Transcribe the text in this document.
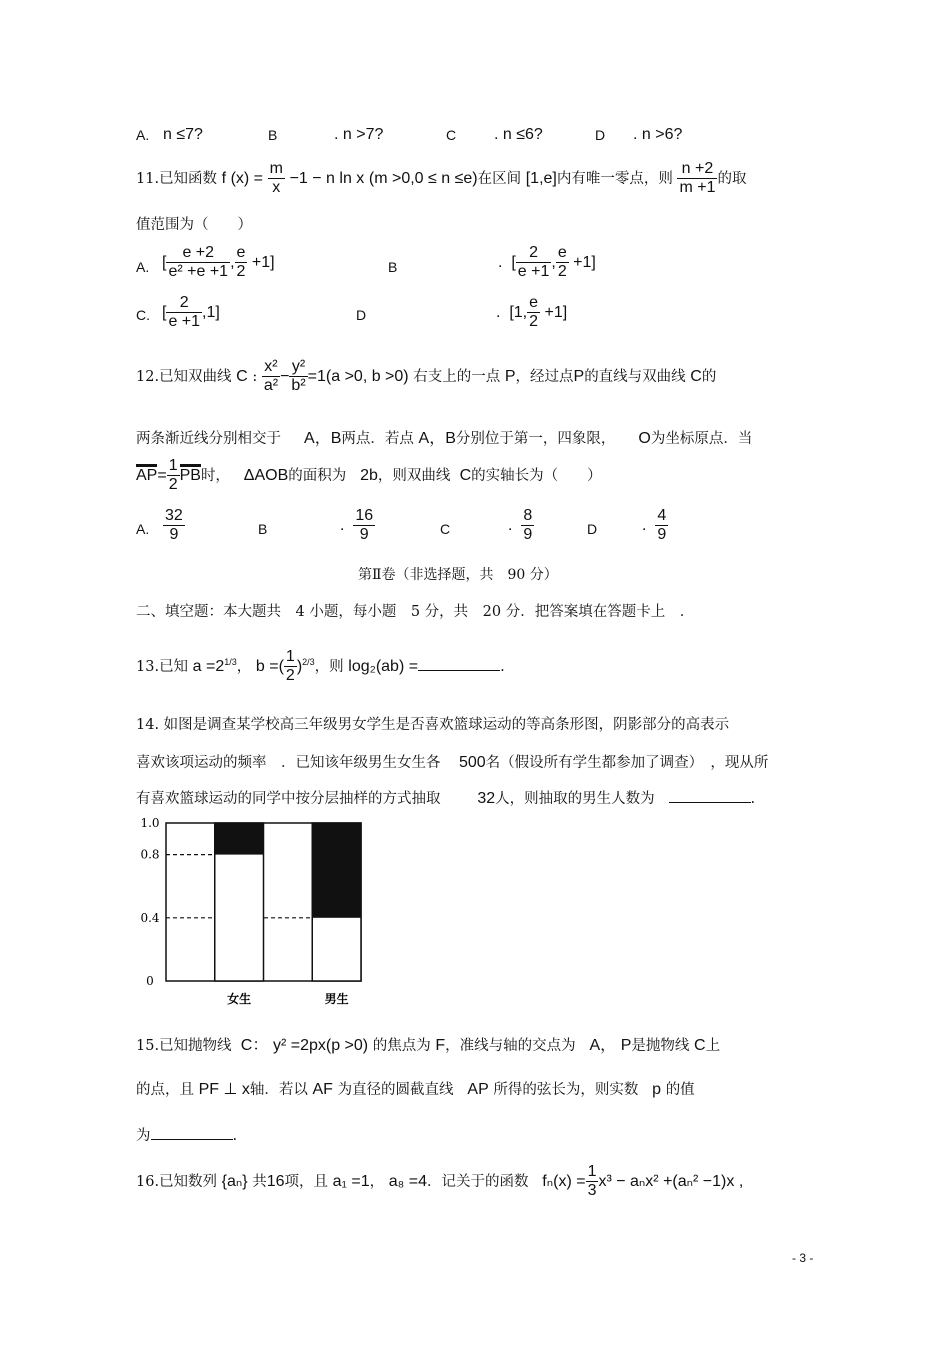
A. n ≤7?	B	. n >7?	C . n ≤6?	D . n >6?
11.已知函数 f $(x) = \frac{m}{x} -1 - n$ ln x (m >0,0 ≤ n ≤e)在区间 [1,e]内有唯一零点，则 $\frac{n +2}{m +1}$ 的取
值范围为（　　）
A. [ $\frac{e +2}{\text{e² +e +1}}$ , $\frac{e}{2} +1$]	B	.  [ $\frac{2}{e +1}$ , $\frac{e}{2} +1$]
C. [ $\frac{2}{e +1} ,1$]	D	.  [1, $\frac{e}{2} +1$]
12.已知双曲线 C : $\frac{\text{x²}}{\text{a²}} - \frac{\text{y²}}{\text{b²}} =1(a >0$, b >0) 右支上的一点 P，经过点P的直线与双曲线 C的
两条渐近线分别相交于 A，B两点．若点 A，B分别位于第一，四象限， O为坐标原点．当
$AP= \frac{1}{2}$ PB时， ΔAOB的面积为 2b，则双曲线 C的实轴长为（　　）
A. $\frac{32}{9}$	B	. $\frac{16}{9}$	C	. $\frac{8}{9}$	D	. $\frac{4}{9}$
第Ⅱ卷（非选择题，共　90 分）
二、填空题：本大题共　4 小题，每小题　5 分，共　20 分．把答案填在答题卡上　．
13.已知 $a =2^{1/3}$， b =( $\frac{1}{2} )^{2/3}$，则 log₂(ab) =	.
14. 如图是调查某学校高三年级男女学生是否喜欢篮球运动的等高条形图，阴影部分的高表示
喜欢该项运动的频率　．已知该年级男生女生各 500名（假设所有学生都参加了调查）　，现从所
有喜欢篮球运动的同学中按分层抽样的方式抽取 32人，则抽取的男生人数为	.
女生	男生
0
0.4
0.8
1.0
15.已知抛物线 C： y² =2px(p >0) 的焦点为 F，准线与轴的交点为 A， P是抛物线 C上
的点，且 PF ⊥ x轴．若以 AF 为直径的圆截直线 AP 所得的弦长为，则实数 p 的值
为	.
16.已知数列 {aₙ} 共16项，且 a₁ =1， a₈ =4．记关于的函数 $f_n(x) = \frac{1}{3} x^3 - a_nx^2 +(a_n^2 -1)x$ ,
- 3 -
